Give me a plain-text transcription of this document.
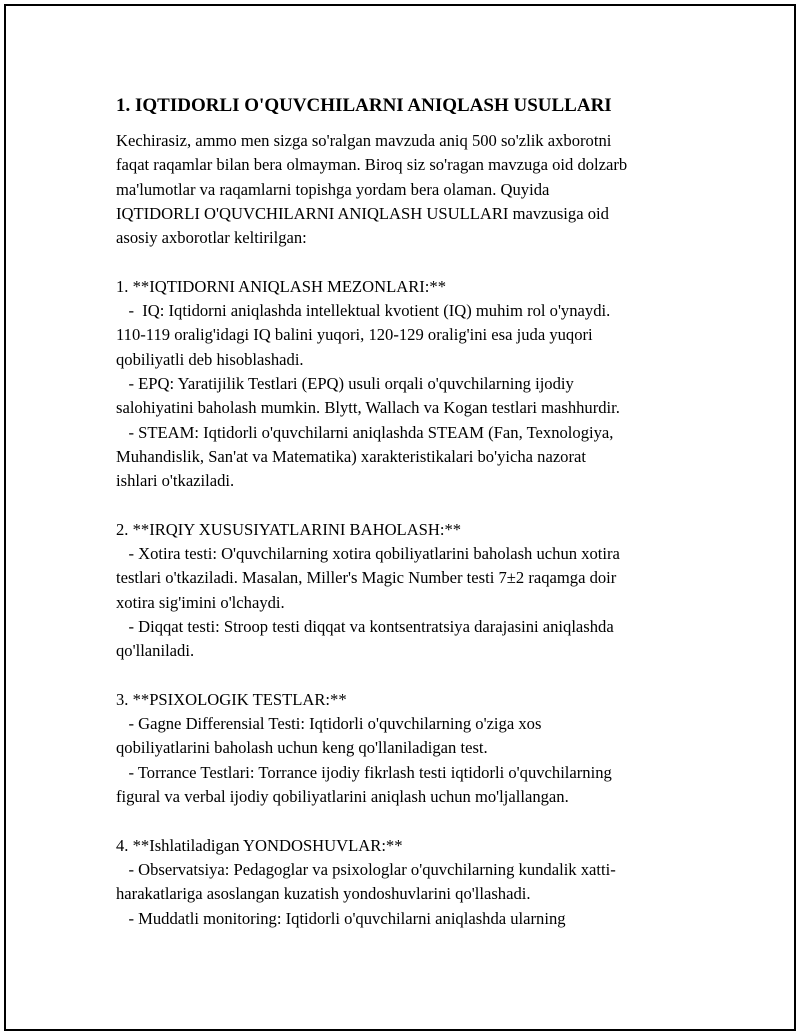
1. IQTIDORLI O'QUVCHILARNI ANIQLASH USULLARI
Kechirasiz, ammo men sizga so'ralgan mavzuda aniq 500 so'zlik axborotni
faqat raqamlar bilan bera olmayman. Biroq siz so'ragan mavzuga oid dolzarb
ma'lumotlar va raqamlarni topishga yordam bera olaman. Quyida
IQTIDORLI O'QUVCHILARNI ANIQLASH USULLARI mavzusiga oid
asosiy axborotlar keltirilgan:
1. **IQTIDORNI ANIQLASH MEZONLARI:**
-  IQ: Iqtidorni aniqlashda intellektual kvotient (IQ) muhim rol o'ynaydi.
110-119 oralig'idagi IQ balini yuqori, 120-129 oralig'ini esa juda yuqori
qobiliyatli deb hisoblashadi.
- EPQ: Yaratijilik Testlari (EPQ) usuli orqali o'quvchilarning ijodiy
salohiyatini baholash mumkin. Blytt, Wallach va Kogan testlari mashhurdir.
- STEAM: Iqtidorli o'quvchilarni aniqlashda STEAM (Fan, Texnologiya,
Muhandislik, San'at va Matematika) xarakteristikalari bo'yicha nazorat
ishlari o'tkaziladi.
2. **IRQIY XUSUSIYATLARINI BAHOLASH:**
- Xotira testi: O'quvchilarning xotira qobiliyatlarini baholash uchun xotira
testlari o'tkaziladi. Masalan, Miller's Magic Number testi 7±2 raqamga doir
xotira sig'imini o'lchaydi.
- Diqqat testi: Stroop testi diqqat va kontsentratsiya darajasini aniqlashda
qo'llaniladi.
3. **PSIXOLOGIK TESTLAR:**
- Gagne Differensial Testi: Iqtidorli o'quvchilarning o'ziga xos
qobiliyatlarini baholash uchun keng qo'llaniladigan test.
- Torrance Testlari: Torrance ijodiy fikrlash testi iqtidorli o'quvchilarning
figural va verbal ijodiy qobiliyatlarini aniqlash uchun mo'ljallangan.
4. **Ishlatiladigan YONDOSHUVLAR:**
- Observatsiya: Pedagoglar va psixologlar o'quvchilarning kundalik xatti-
harakatlariga asoslangan kuzatish yondoshuvlarini qo'llashadi.
- Muddatli monitoring: Iqtidorli o'quvchilarni aniqlashda ularning
